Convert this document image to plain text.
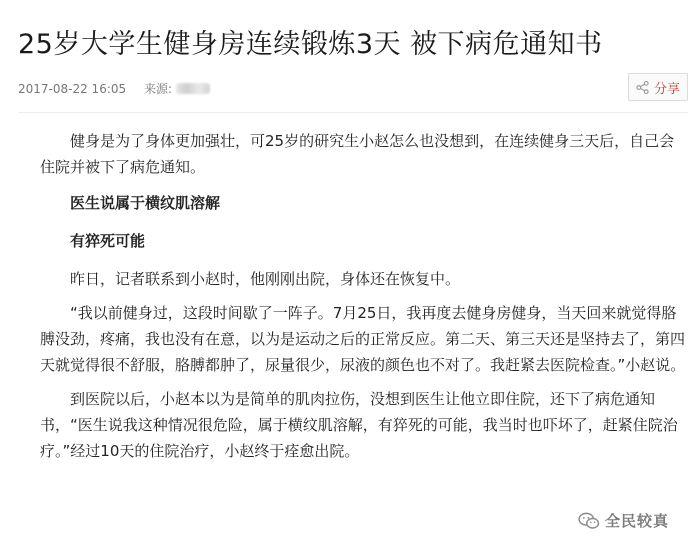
25岁大学生健身房连续锻炼3天 被下病危通知书
2017-08-22 16:05 来源:	分享

健身是为了身体更加强壮，可25岁的研究生小赵怎么也没想到，在连续健身三天后，自己会住院并被下了病危通知。

医生说属于横纹肌溶解

有猝死可能

昨日，记者联系到小赵时，他刚刚出院，身体还在恢复中。

“我以前健身过，这段时间歇了一阵子。7月25日，我再度去健身房健身，当天回来就觉得胳膊没劲，疼痛，我也没有在意，以为是运动之后的正常反应。第二天、第三天还是坚持去了，第四天就觉得很不舒服，胳膊都肿了，尿量很少，尿液的颜色也不对了。我赶紧去医院检查。”小赵说。

到医院以后，小赵本以为是简单的肌肉拉伤，没想到医生让他立即住院，还下了病危通知书，“医生说我这种情况很危险，属于横纹肌溶解，有猝死的可能，我当时也吓坏了，赶紧住院治疗。”经过10天的住院治疗，小赵终于痊愈出院。

全民较真
